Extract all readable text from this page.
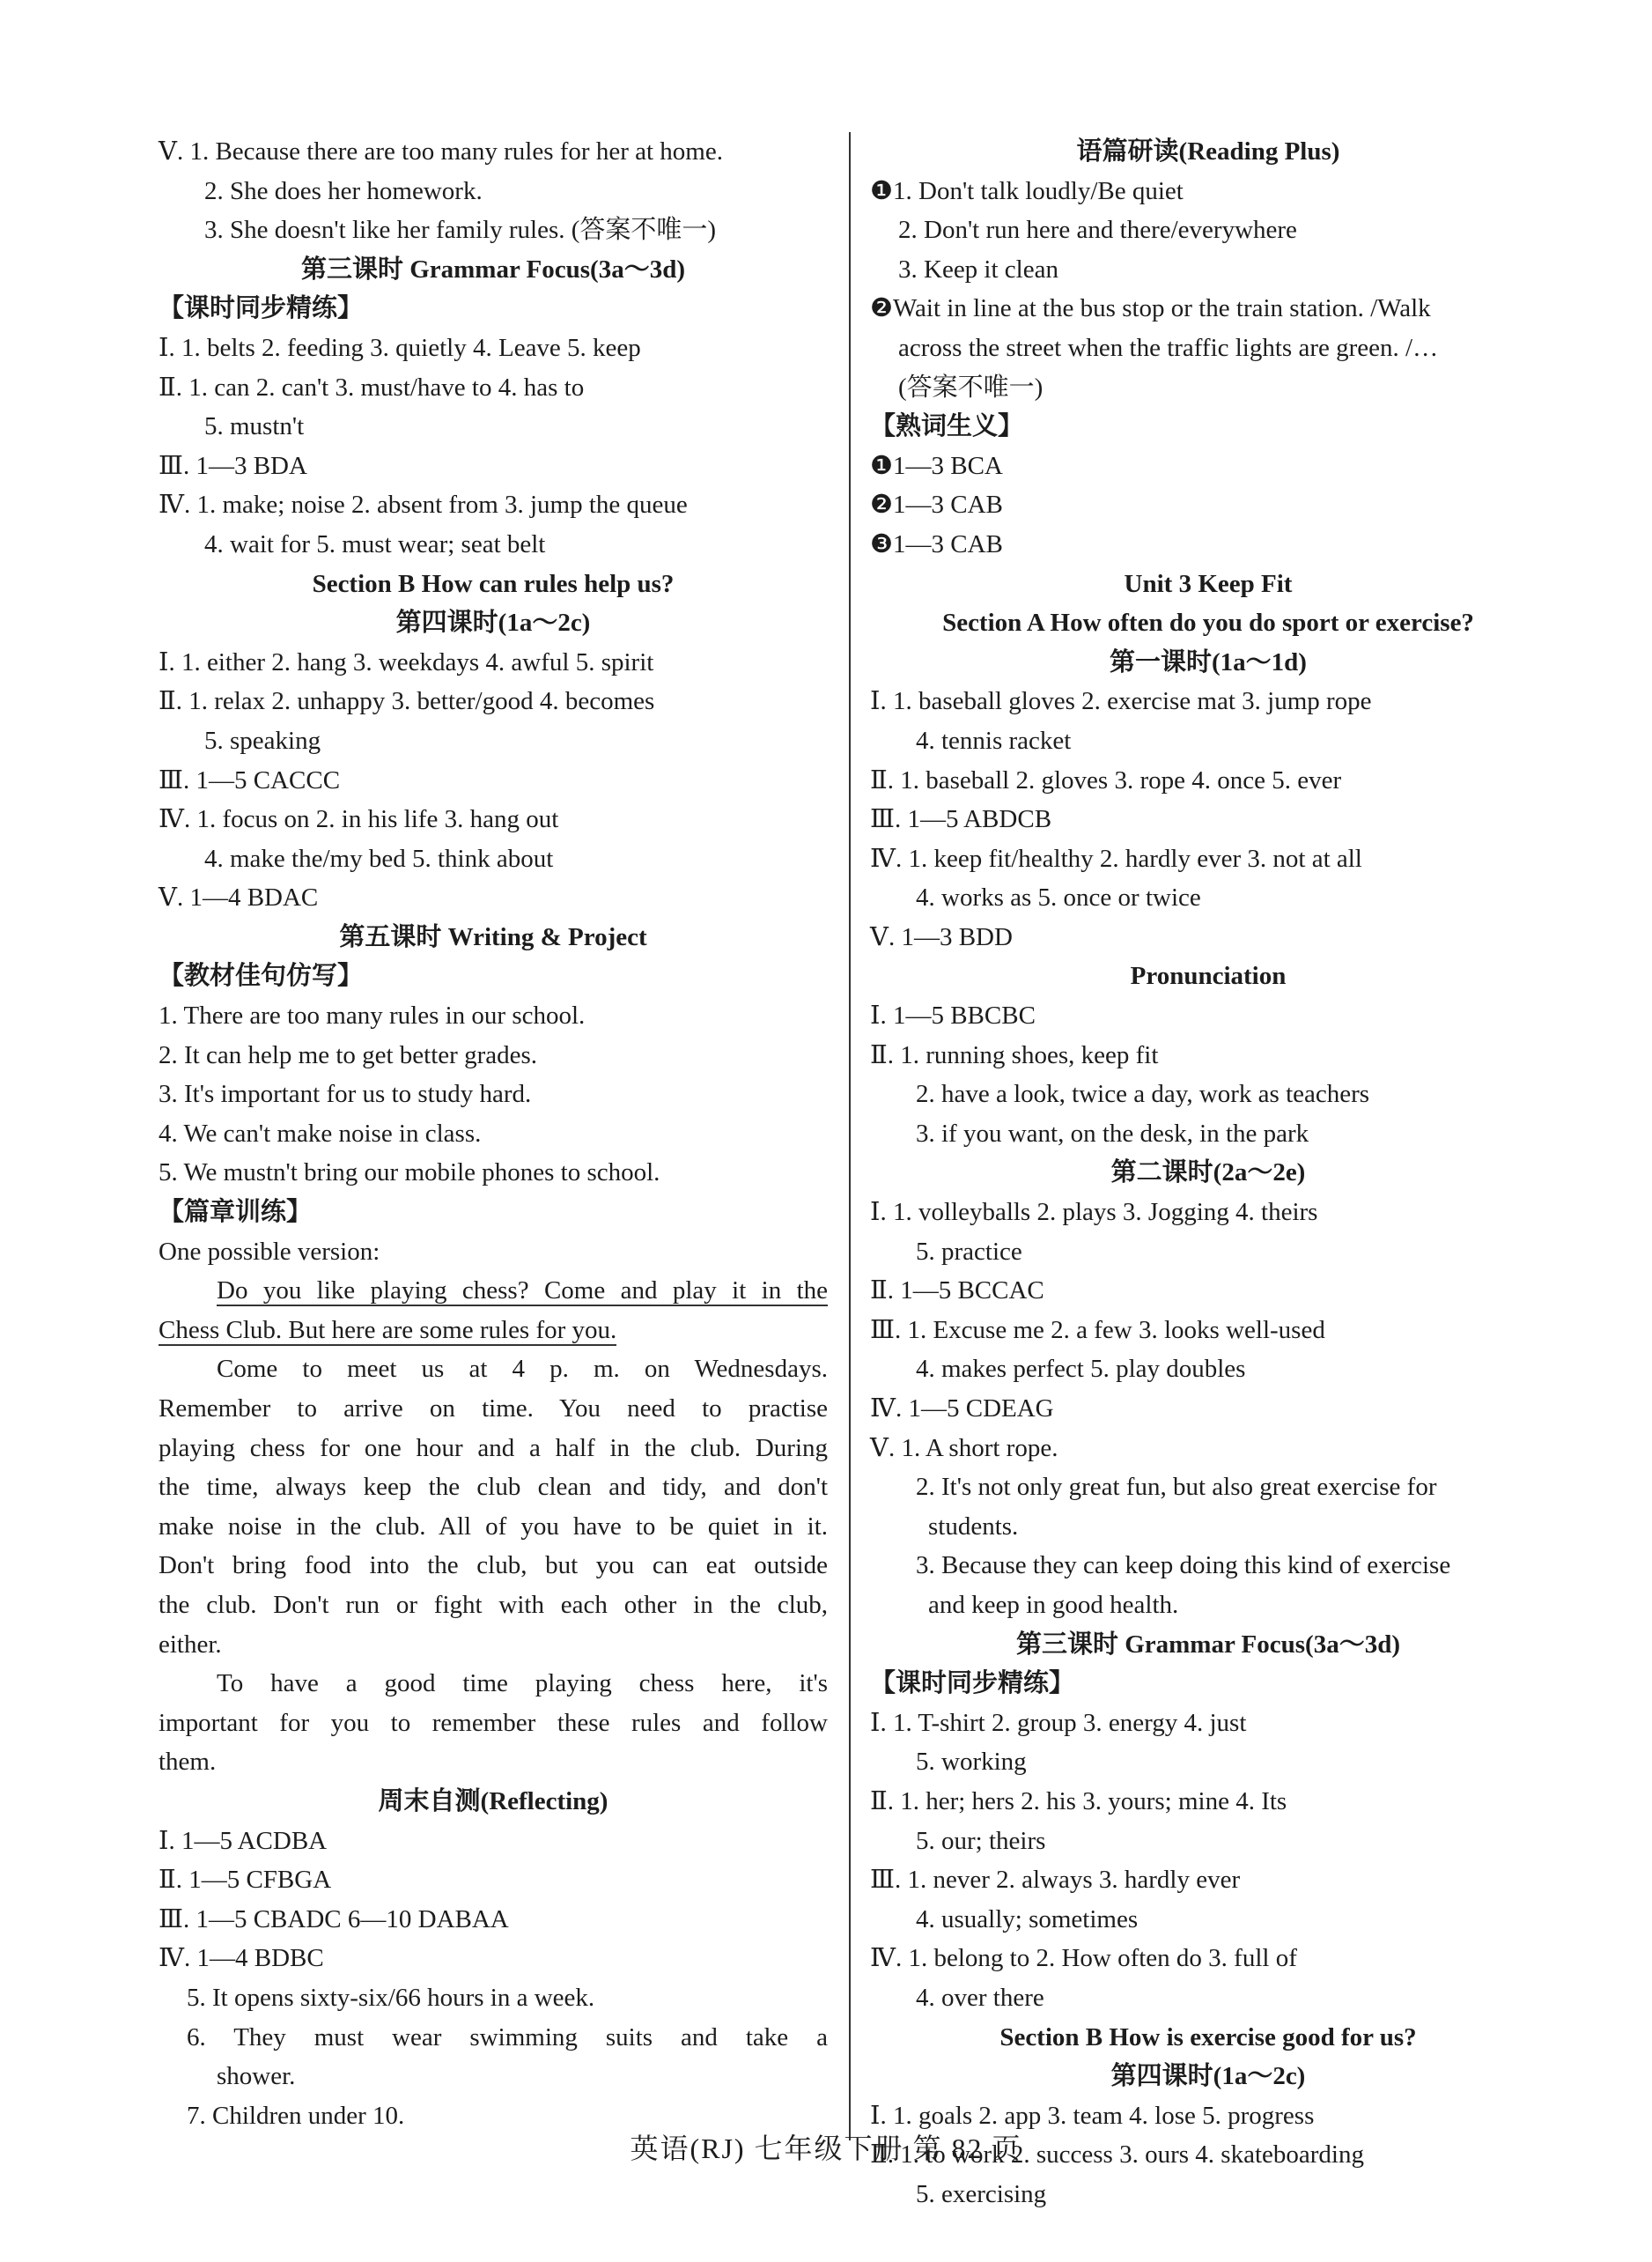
Ⅴ. 1. Because there are too many rules for her at home.
2. She does her homework.
3. She doesn't like her family rules. (答案不唯一)
第三课时 Grammar Focus(3a～3d)
【课时同步精练】
Ⅰ. 1. belts 2. feeding 3. quietly 4. Leave 5. keep
Ⅱ. 1. can 2. can't 3. must/have to 4. has to
5. mustn't
Ⅲ. 1—3 BDA
Ⅳ. 1. make; noise 2. absent from 3. jump the queue
4. wait for 5. must wear; seat belt
Section B How can rules help us?
第四课时(1a～2c)
Ⅰ. 1. either 2. hang 3. weekdays 4. awful 5. spirit
Ⅱ. 1. relax 2. unhappy 3. better/good 4. becomes
5. speaking
Ⅲ. 1—5 CACCC
Ⅳ. 1. focus on 2. in his life 3. hang out
4. make the/my bed 5. think about
Ⅴ. 1—4 BDAC
第五课时 Writing & Project
【教材佳句仿写】
1. There are too many rules in our school.
2. It can help me to get better grades.
3. It's important for us to study hard.
4. We can't make noise in class.
5. We mustn't bring our mobile phones to school.
【篇章训练】
One possible version:
Do you like playing chess? Come and play it in the
Chess Club. But here are some rules for you.
Come to meet us at 4 p. m. on Wednesdays.
Remember to arrive on time. You need to practise
playing chess for one hour and a half in the club. During
the time, always keep the club clean and tidy, and don't
make noise in the club. All of you have to be quiet in it.
Don't bring food into the club, but you can eat outside
the club. Don't run or fight with each other in the club,
either.
To have a good time playing chess here, it's
important for you to remember these rules and follow
them.
周末自测(Reflecting)
Ⅰ. 1—5 ACDBA
Ⅱ. 1—5 CFBGA
Ⅲ. 1—5 CBADC 6—10 DABAA
Ⅳ. 1—4 BDBC
5. It opens sixty-six/66 hours in a week.
6. They must wear swimming suits and take a
shower.
7. Children under 10.
语篇研读(Reading Plus)
❶1. Don't talk loudly/Be quiet
2. Don't run here and there/everywhere
3. Keep it clean
❷Wait in line at the bus stop or the train station. /Walk
across the street when the traffic lights are green. /…
(答案不唯一)
【熟词生义】
❶1—3 BCA
❷1—3 CAB
❸1—3 CAB
Unit 3 Keep Fit
Section A How often do you do sport or exercise?
第一课时(1a～1d)
Ⅰ. 1. baseball gloves 2. exercise mat 3. jump rope
4. tennis racket
Ⅱ. 1. baseball 2. gloves 3. rope 4. once 5. ever
Ⅲ. 1—5 ABDCB
Ⅳ. 1. keep fit/healthy 2. hardly ever 3. not at all
4. works as 5. once or twice
Ⅴ. 1—3 BDD
Pronunciation
Ⅰ. 1—5 BBCBC
Ⅱ. 1. running shoes, keep fit
2. have a look, twice a day, work as teachers
3. if you want, on the desk, in the park
第二课时(2a～2e)
Ⅰ. 1. volleyballs 2. plays 3. Jogging 4. theirs
5. practice
Ⅱ. 1—5 BCCAC
Ⅲ. 1. Excuse me 2. a few 3. looks well-used
4. makes perfect 5. play doubles
Ⅳ. 1—5 CDEAG
Ⅴ. 1. A short rope.
2. It's not only great fun, but also great exercise for
students.
3. Because they can keep doing this kind of exercise
and keep in good health.
第三课时 Grammar Focus(3a～3d)
【课时同步精练】
Ⅰ. 1. T-shirt 2. group 3. energy 4. just
5. working
Ⅱ. 1. her; hers 2. his 3. yours; mine 4. Its
5. our; theirs
Ⅲ. 1. never 2. always 3. hardly ever
4. usually; sometimes
Ⅳ. 1. belong to 2. How often do 3. full of
4. over there
Section B How is exercise good for us?
第四课时(1a～2c)
Ⅰ. 1. goals 2. app 3. team 4. lose 5. progress
Ⅱ. 1. to work 2. success 3. ours 4. skateboarding
5. exercising
英语(RJ) 七年级下册 第 82 页
